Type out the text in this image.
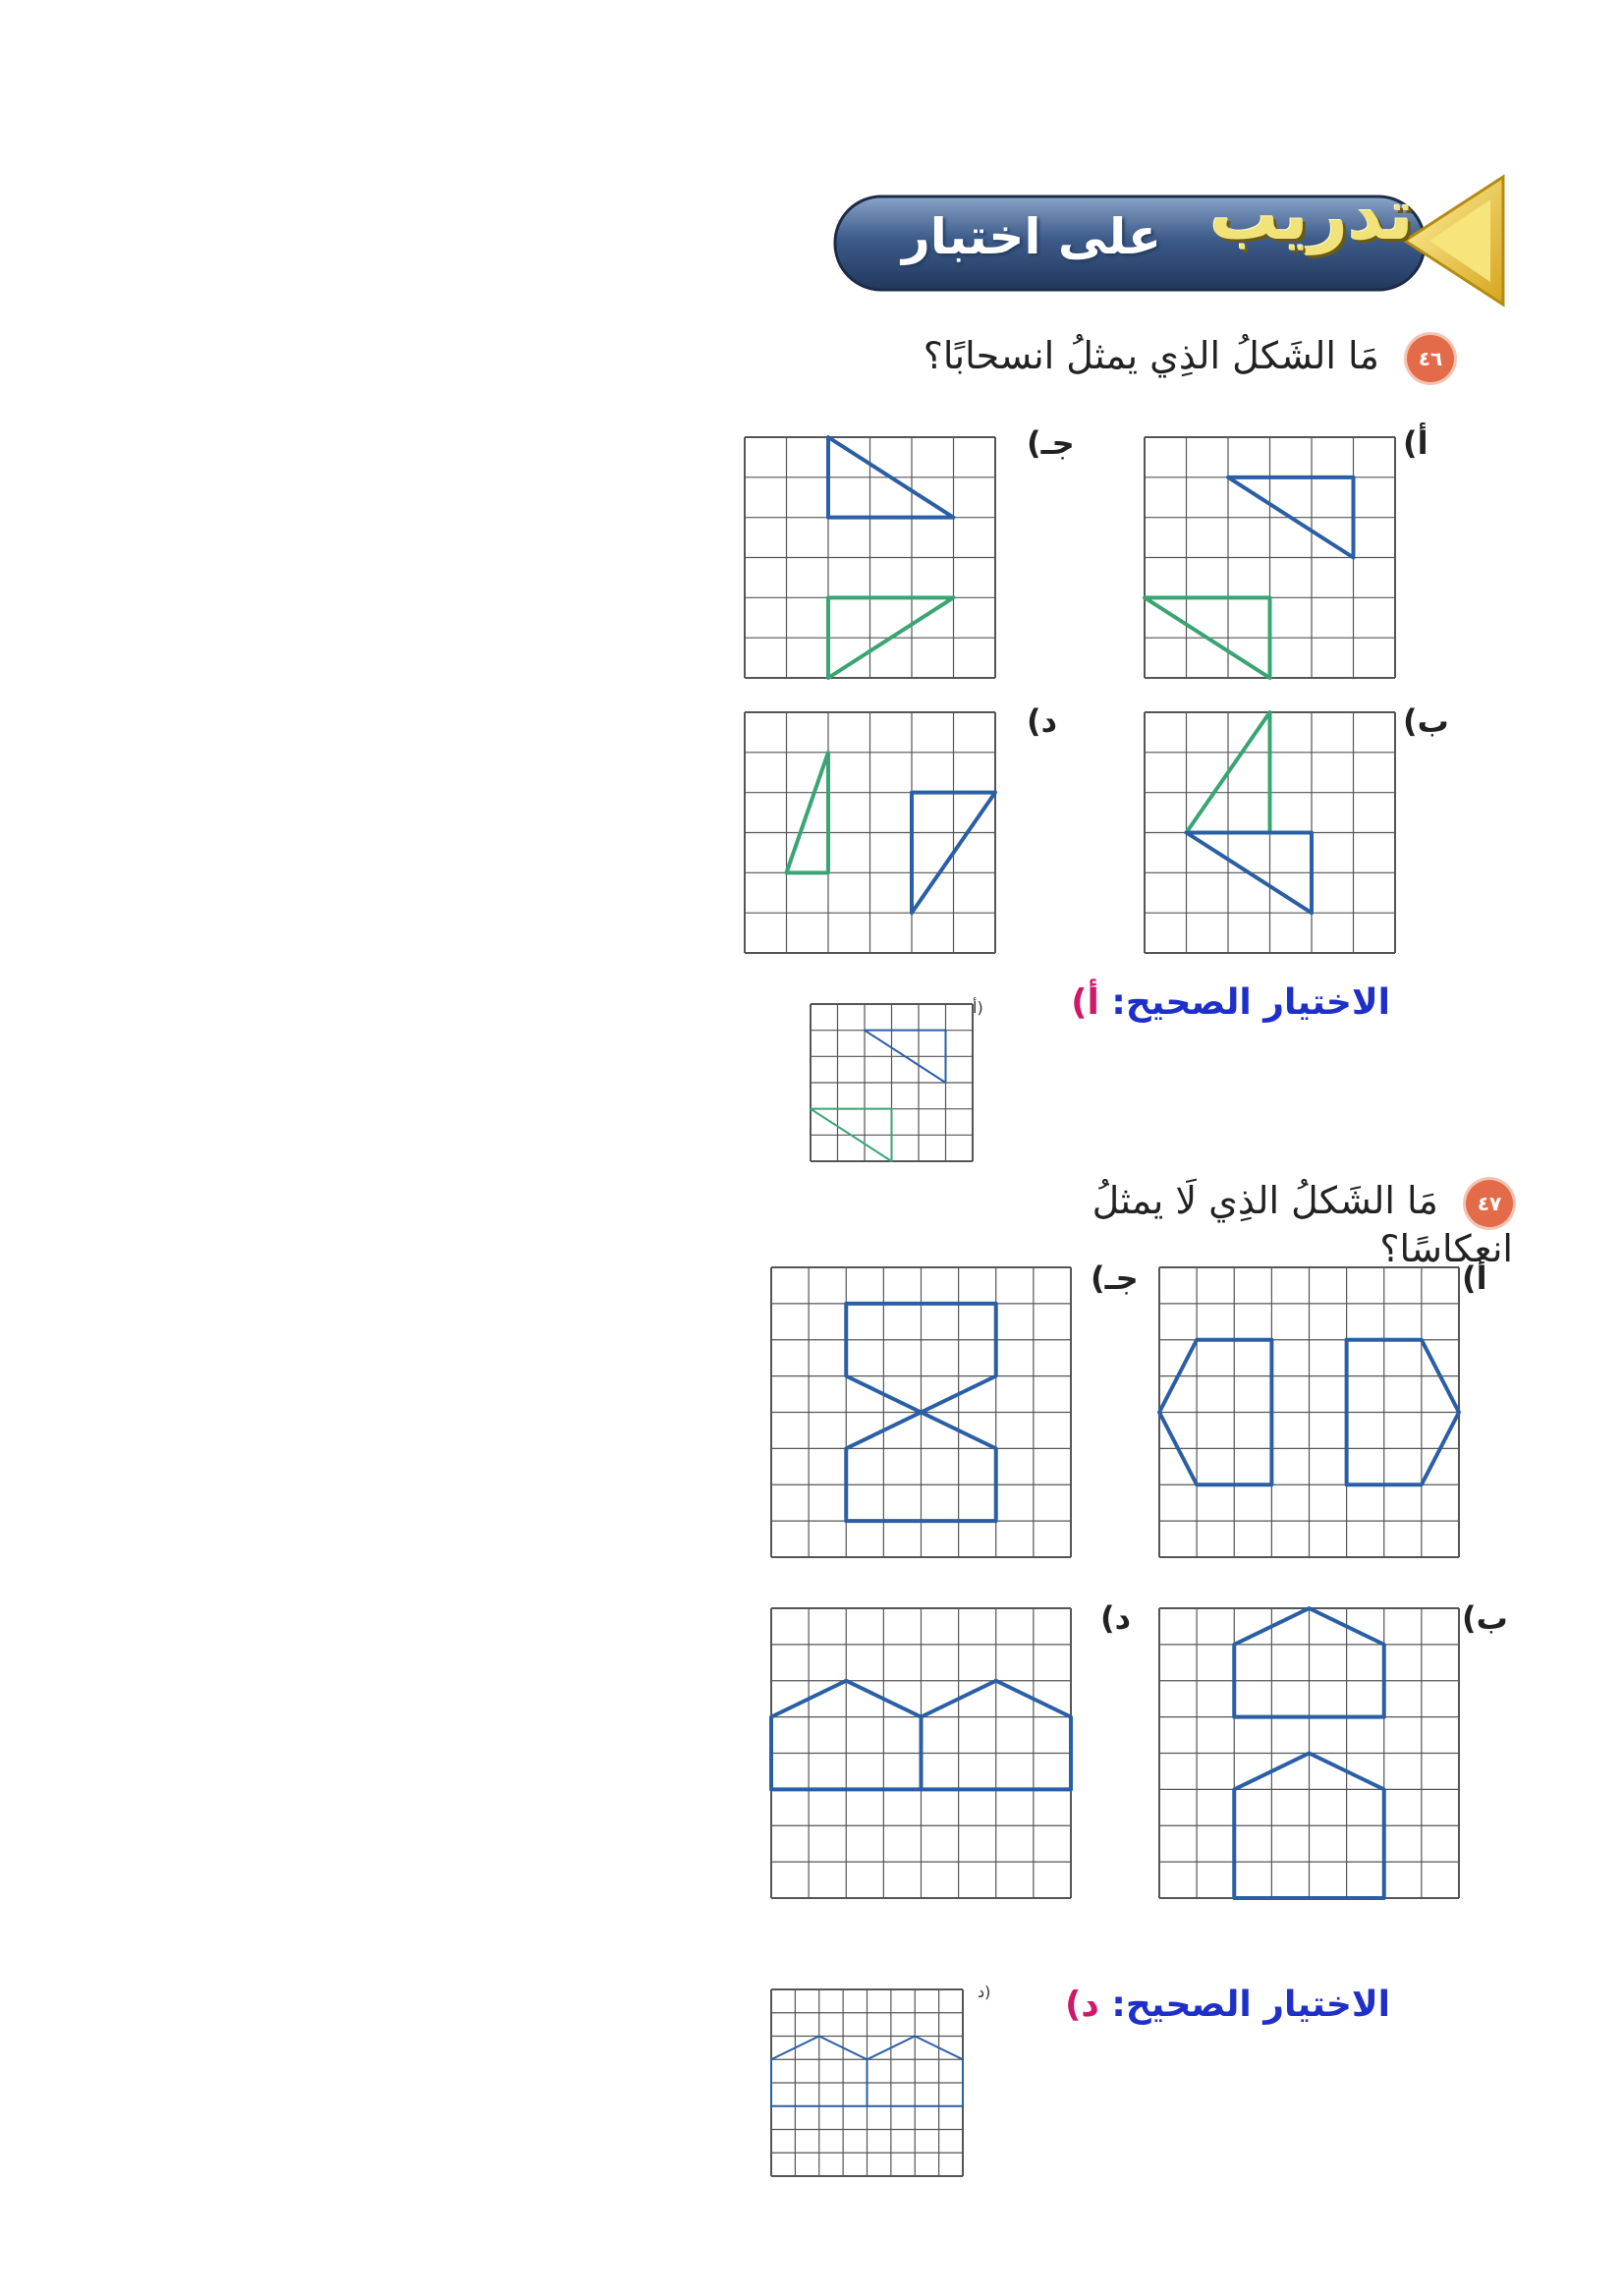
تدريب
على اختبار
٤٦ مَا الشَكلُ الذِي يمثلُ انسحابًا؟
أ)
جـ)
ب)
د)
الاختيار الصحيح: أ)
أ)
٤٧ مَا الشَكلُ الذِي لَا يمثلُ انعكاسًا؟
أ)
جـ)
ب)
د)
الاختيار الصحيح: د)
د)
